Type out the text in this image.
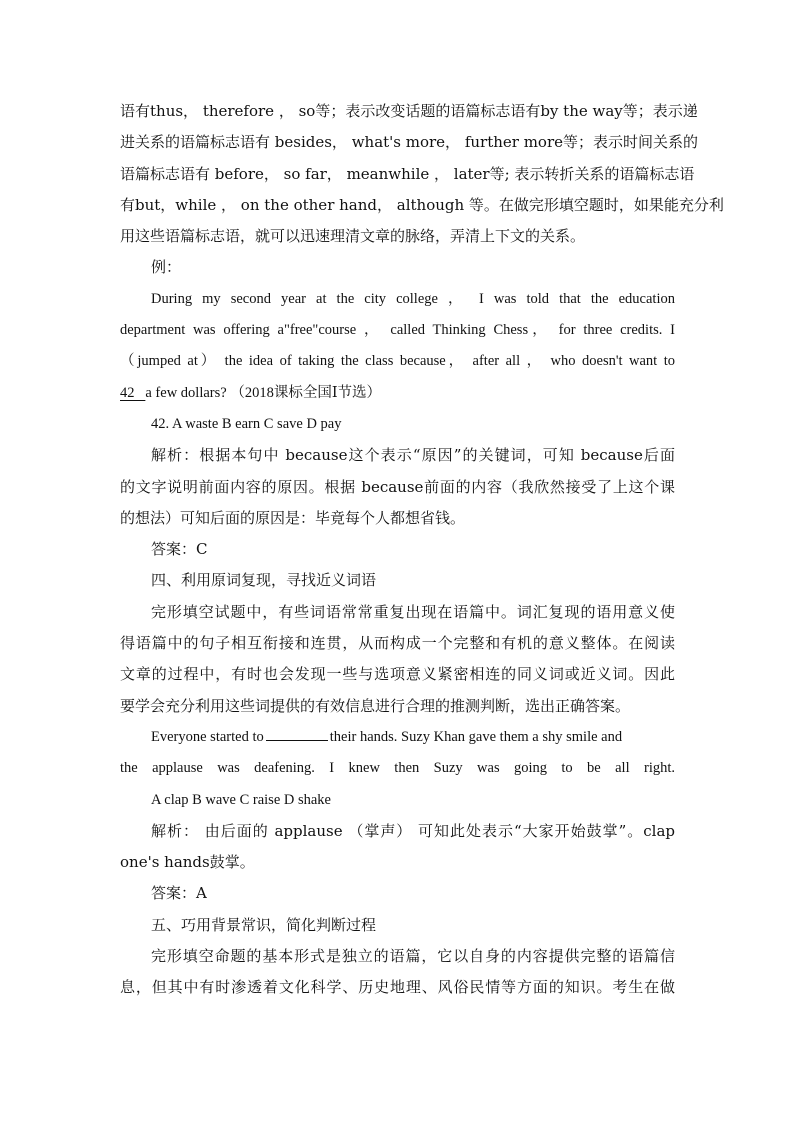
语有thus， therefore ， so等；表示改变话题的语篇标志语有by the way等；表示递
进关系的语篇标志语有 besides， what's more， further more等；表示时间关系的
语篇标志语有 before， so far， meanwhile ， later等; 表示转折关系的语篇标志语
有but，while ， on the other hand， although 等。在做完形填空题时，如果能充分利
用这些语篇标志语，就可以迅速理清文章的脉络，弄清上下文的关系。
例：
During my second year at the city college ， I was told that the education
department was offering a"free"course ， called Thinking Chess， for three credits. I
（jumped at） the idea of taking the class because， after all ， who doesn't want to
42 a few dollars? （2018课标全国Ⅰ节选）
42. A waste B earn C save D pay
解析：根据本句中 because这个表示“原因”的关键词，可知 because后面
的文字说明前面内容的原因。根据 because前面的内容（我欣然接受了上这个课
的想法）可知后面的原因是：毕竟每个人都想省钱。
答案：C
四、利用原词复现，寻找近义词语
完形填空试题中，有些词语常常重复出现在语篇中。词汇复现的语用意义使
得语篇中的句子相互衔接和连贯，从而构成一个完整和有机的意义整体。在阅读
文章的过程中，有时也会发现一些与选项意义紧密相连的同义词或近义词。因此
要学会充分利用这些词提供的有效信息进行合理的推测判断，选出正确答案。
Everyone started to	their hands. Suzy Khan gave them a shy smile and
the applause was deafening. I knew then Suzy was going to be all right.
A clap B wave C raise D shake
解析： 由后面的 applause （掌声） 可知此处表示“大家开始鼓掌”。clap
one's hands鼓掌。
答案：A
五、巧用背景常识，简化判断过程
完形填空命题的基本形式是独立的语篇，它以自身的内容提供完整的语篇信
息，但其中有时渗透着文化科学、历史地理、风俗民情等方面的知识。考生在做
